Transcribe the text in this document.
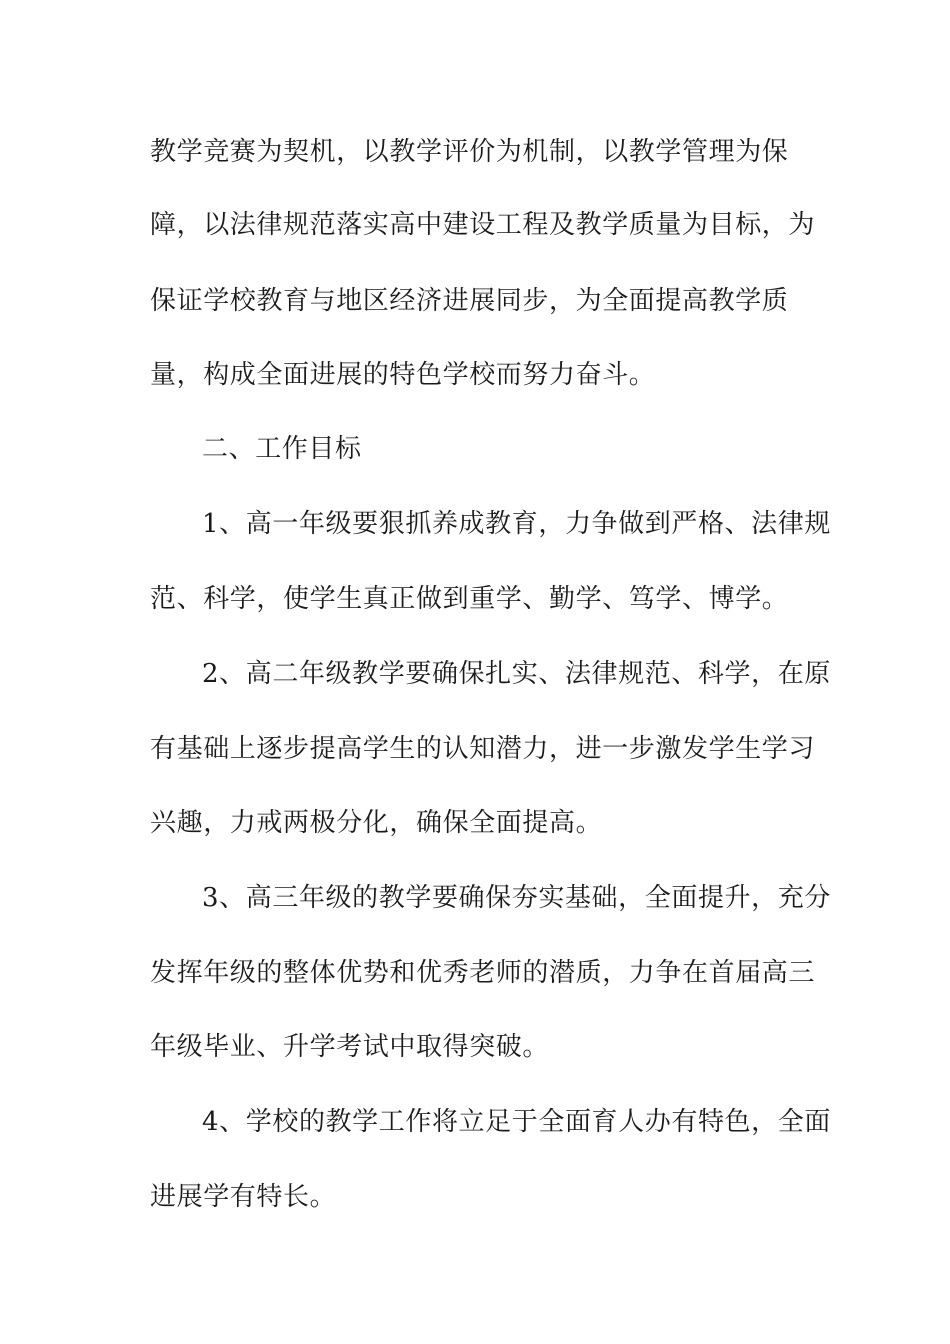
教学竞赛为契机，以教学评价为机制，以教学管理为保
障，以法律规范落实高中建设工程及教学质量为目标，为
保证学校教育与地区经济进展同步，为全面提高教学质
量，构成全面进展的特色学校而努力奋斗。
二、工作目标
1、高一年级要狠抓养成教育，力争做到严格、法律规
范、科学，使学生真正做到重学、勤学、笃学、博学。
2、高二年级教学要确保扎实、法律规范、科学，在原
有基础上逐步提高学生的认知潜力，进一步激发学生学习
兴趣，力戒两极分化，确保全面提高。
3、高三年级的教学要确保夯实基础，全面提升，充分
发挥年级的整体优势和优秀老师的潜质，力争在首届高三
年级毕业、升学考试中取得突破。
4、学校的教学工作将立足于全面育人办有特色，全面
进展学有特长。
